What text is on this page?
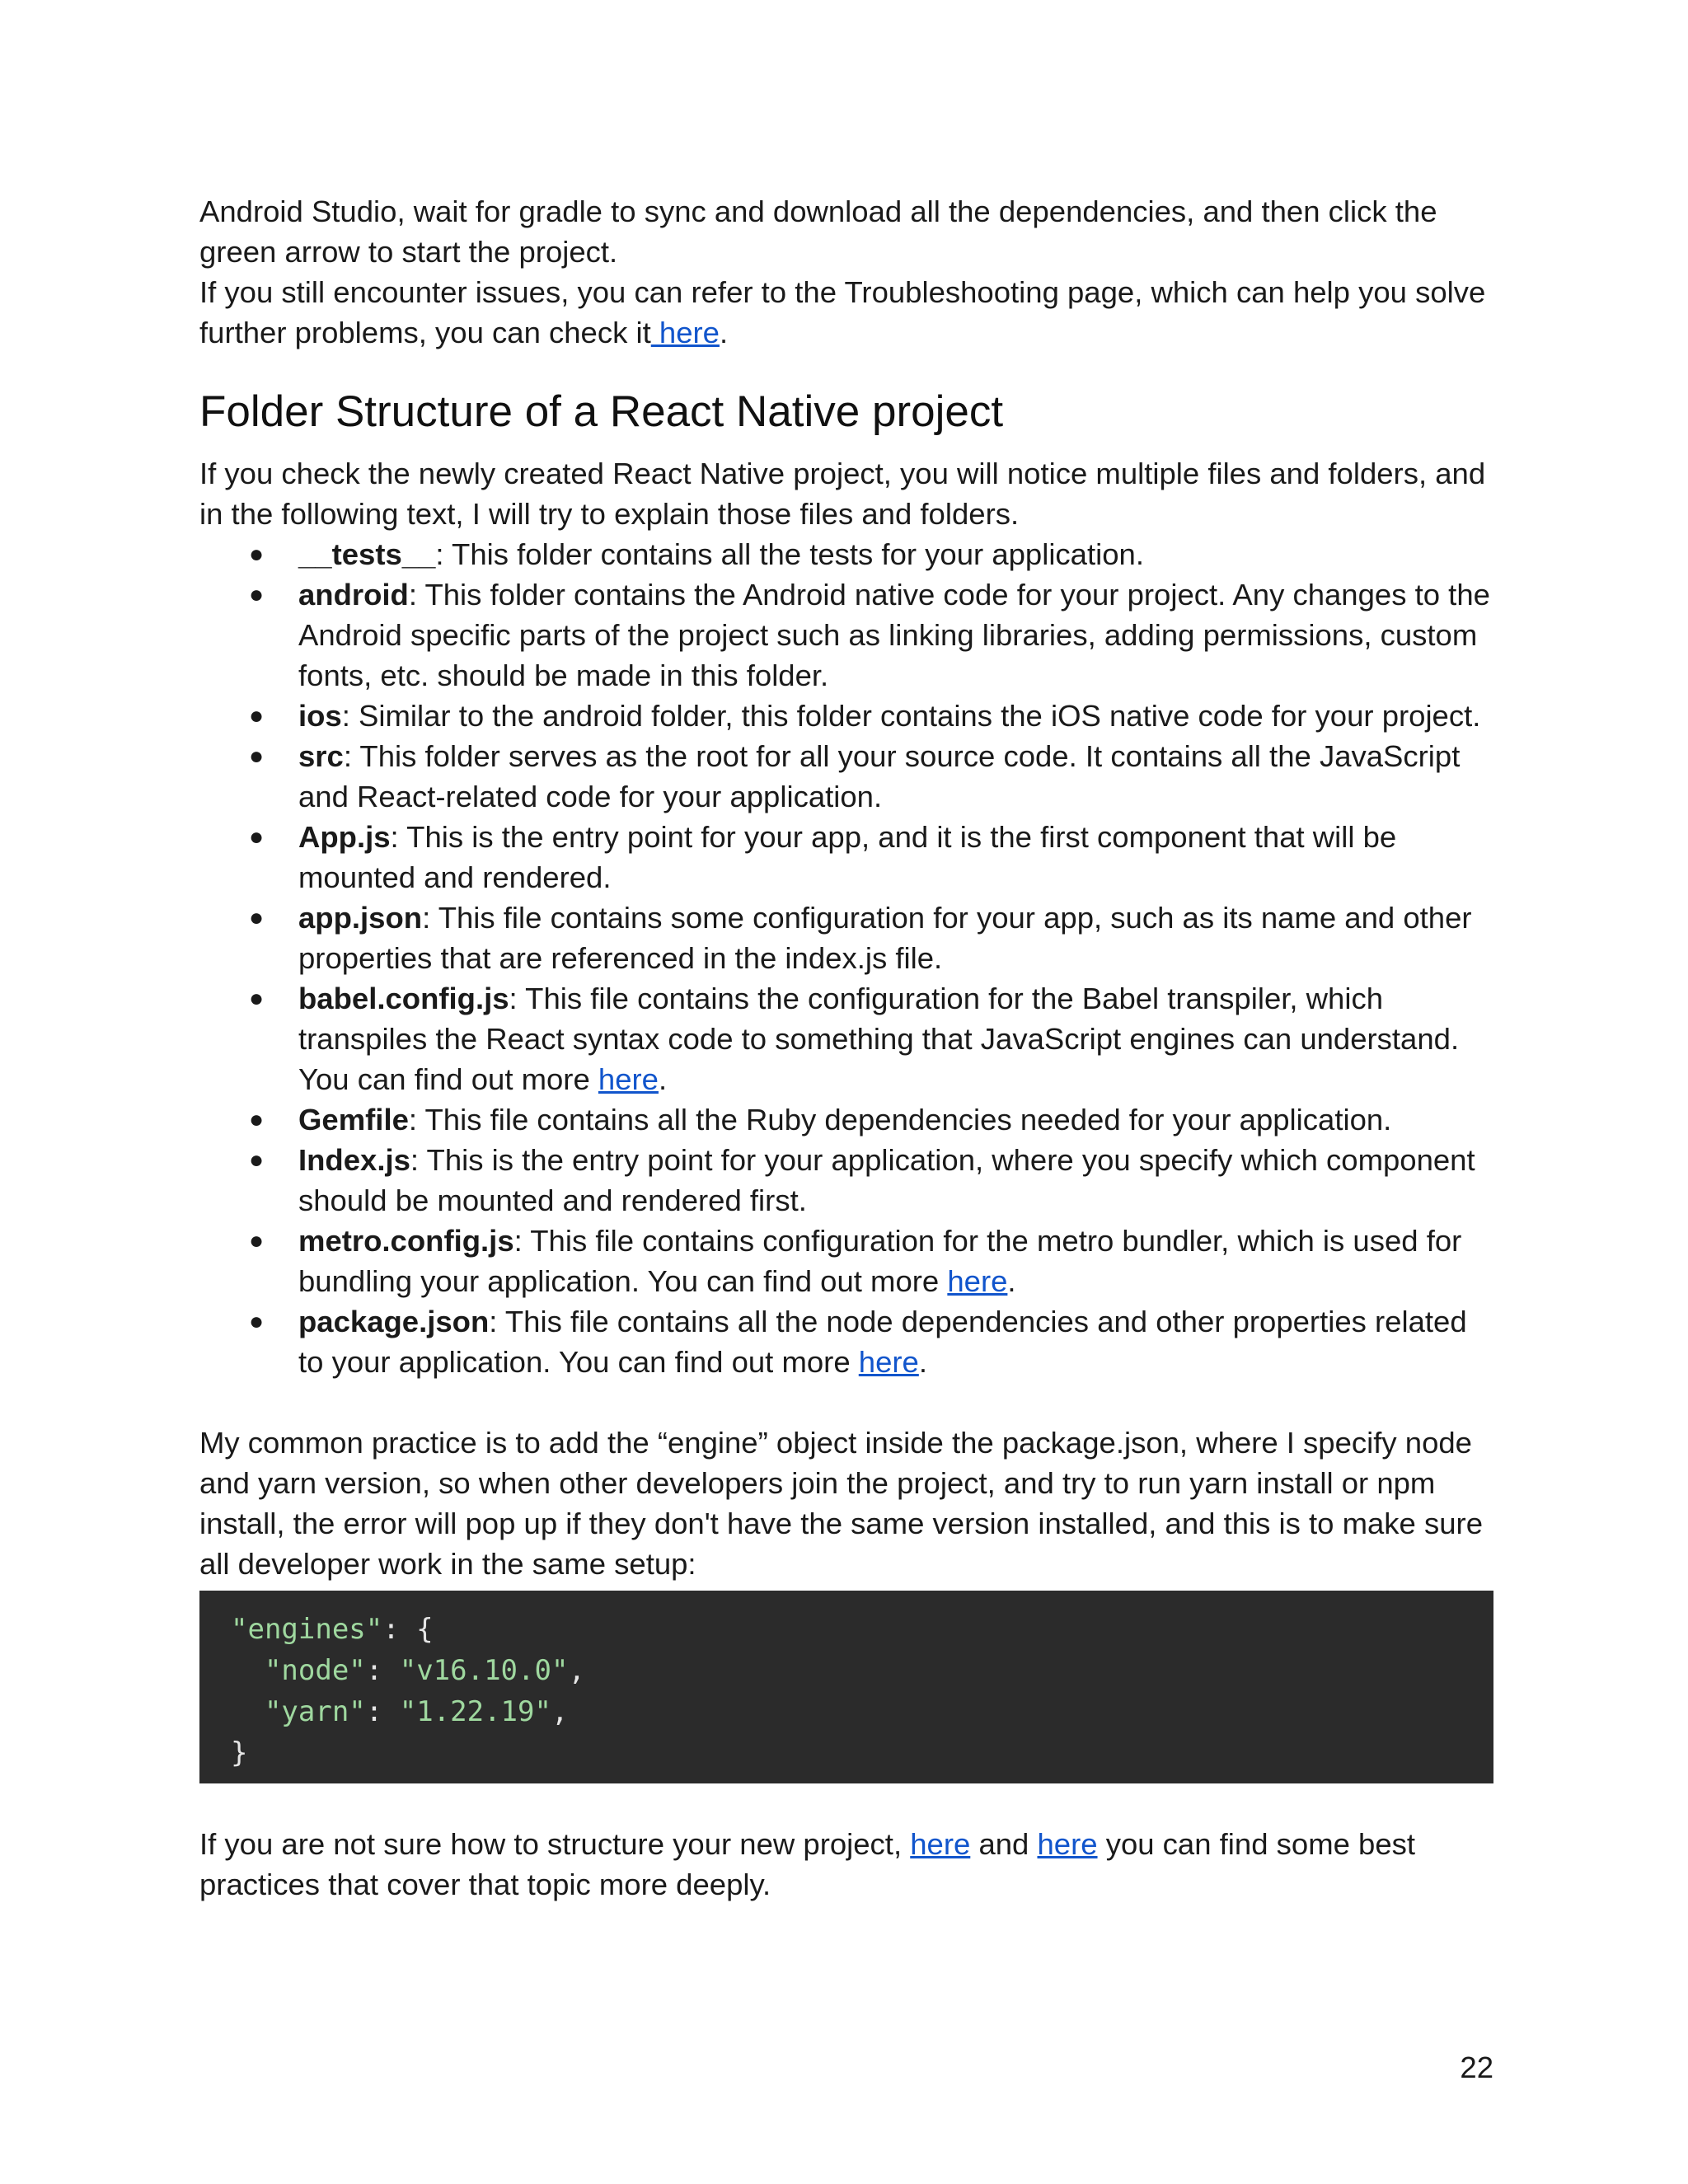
Android Studio, wait for gradle to sync and download all the dependencies, and then click the green arrow to start the project.

If you still encounter issues, you can refer to the Troubleshooting page, which can help you solve further problems, you can check it here.

Folder Structure of a React Native project

If you check the newly created React Native project, you will notice multiple files and folders, and in the following text, I will try to explain those files and folders.

● __tests__: This folder contains all the tests for your application.
● android: This folder contains the Android native code for your project. Any changes to the Android specific parts of the project such as linking libraries, adding permissions, custom fonts, etc. should be made in this folder.
● ios: Similar to the android folder, this folder contains the iOS native code for your project.
● src: This folder serves as the root for all your source code. It contains all the JavaScript and React-related code for your application.
● App.js: This is the entry point for your app, and it is the first component that will be mounted and rendered.
● app.json: This file contains some configuration for your app, such as its name and other properties that are referenced in the index.js file.
● babel.config.js: This file contains the configuration for the Babel transpiler, which transpiles the React syntax code to something that JavaScript engines can understand. You can find out more here.
● Gemfile: This file contains all the Ruby dependencies needed for your application.
● Index.js: This is the entry point for your application, where you specify which component should be mounted and rendered first.
● metro.config.js: This file contains configuration for the metro bundler, which is used for bundling your application. You can find out more here.
● package.json: This file contains all the node dependencies and other properties related to your application. You can find out more here.

My common practice is to add the “engine” object inside the package.json, where I specify node and yarn version, so when other developers join the project, and try to run yarn install or npm install, the error will pop up if they don't have the same version installed, and this is to make sure all developer work in the same setup:

"engines": {
"node": "v16.10.0",
"yarn": "1.22.19",
}

If you are not sure how to structure your new project, here and here you can find some best practices that cover that topic more deeply.

22
